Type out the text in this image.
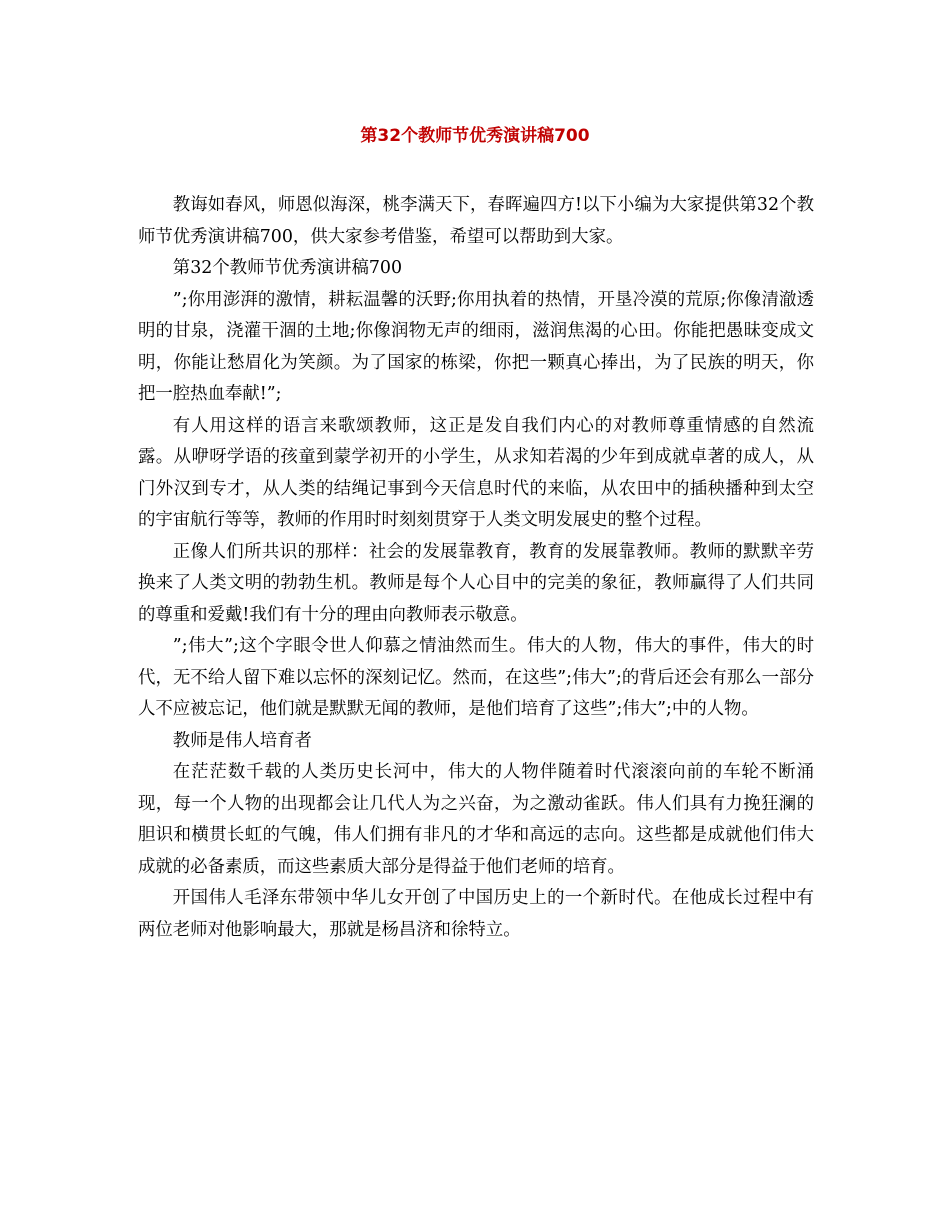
第32个教师节优秀演讲稿700

教诲如春风，师恩似海深，桃李满天下，春晖遍四方!以下小编为大家提供第32个教师节优秀演讲稿700，供大家参考借鉴，希望可以帮助到大家。

第32个教师节优秀演讲稿700

”;你用澎湃的激情，耕耘温馨的沃野;你用执着的热情，开垦冷漠的荒原;你像清澈透明的甘泉，浇灌干涸的土地;你像润物无声的细雨，滋润焦渴的心田。你能把愚昧变成文明，你能让愁眉化为笑颜。为了国家的栋梁，你把一颗真心捧出，为了民族的明天，你把一腔热血奉献!”;

有人用这样的语言来歌颂教师，这正是发自我们内心的对教师尊重情感的自然流露。从咿呀学语的孩童到蒙学初开的小学生，从求知若渴的少年到成就卓著的成人，从门外汉到专才，从人类的结绳记事到今天信息时代的来临，从农田中的插秧播种到太空的宇宙航行等等，教师的作用时时刻刻贯穿于人类文明发展史的整个过程。

正像人们所共识的那样：社会的发展靠教育，教育的发展靠教师。教师的默默辛劳换来了人类文明的勃勃生机。教师是每个人心目中的完美的象征，教师赢得了人们共同的尊重和爱戴!我们有十分的理由向教师表示敬意。

”;伟大”;这个字眼令世人仰慕之情油然而生。伟大的人物，伟大的事件，伟大的时代，无不给人留下难以忘怀的深刻记忆。然而，在这些”;伟大”;的背后还会有那么一部分人不应被忘记，他们就是默默无闻的教师，是他们培育了这些”;伟大”;中的人物。

教师是伟人培育者

在茫茫数千载的人类历史长河中，伟大的人物伴随着时代滚滚向前的车轮不断涌现，每一个人物的出现都会让几代人为之兴奋，为之激动雀跃。伟人们具有力挽狂澜的胆识和横贯长虹的气魄，伟人们拥有非凡的才华和高远的志向。这些都是成就他们伟大成就的必备素质，而这些素质大部分是得益于他们老师的培育。

开国伟人毛泽东带领中华儿女开创了中国历史上的一个新时代。在他成长过程中有两位老师对他影响最大，那就是杨昌济和徐特立。
